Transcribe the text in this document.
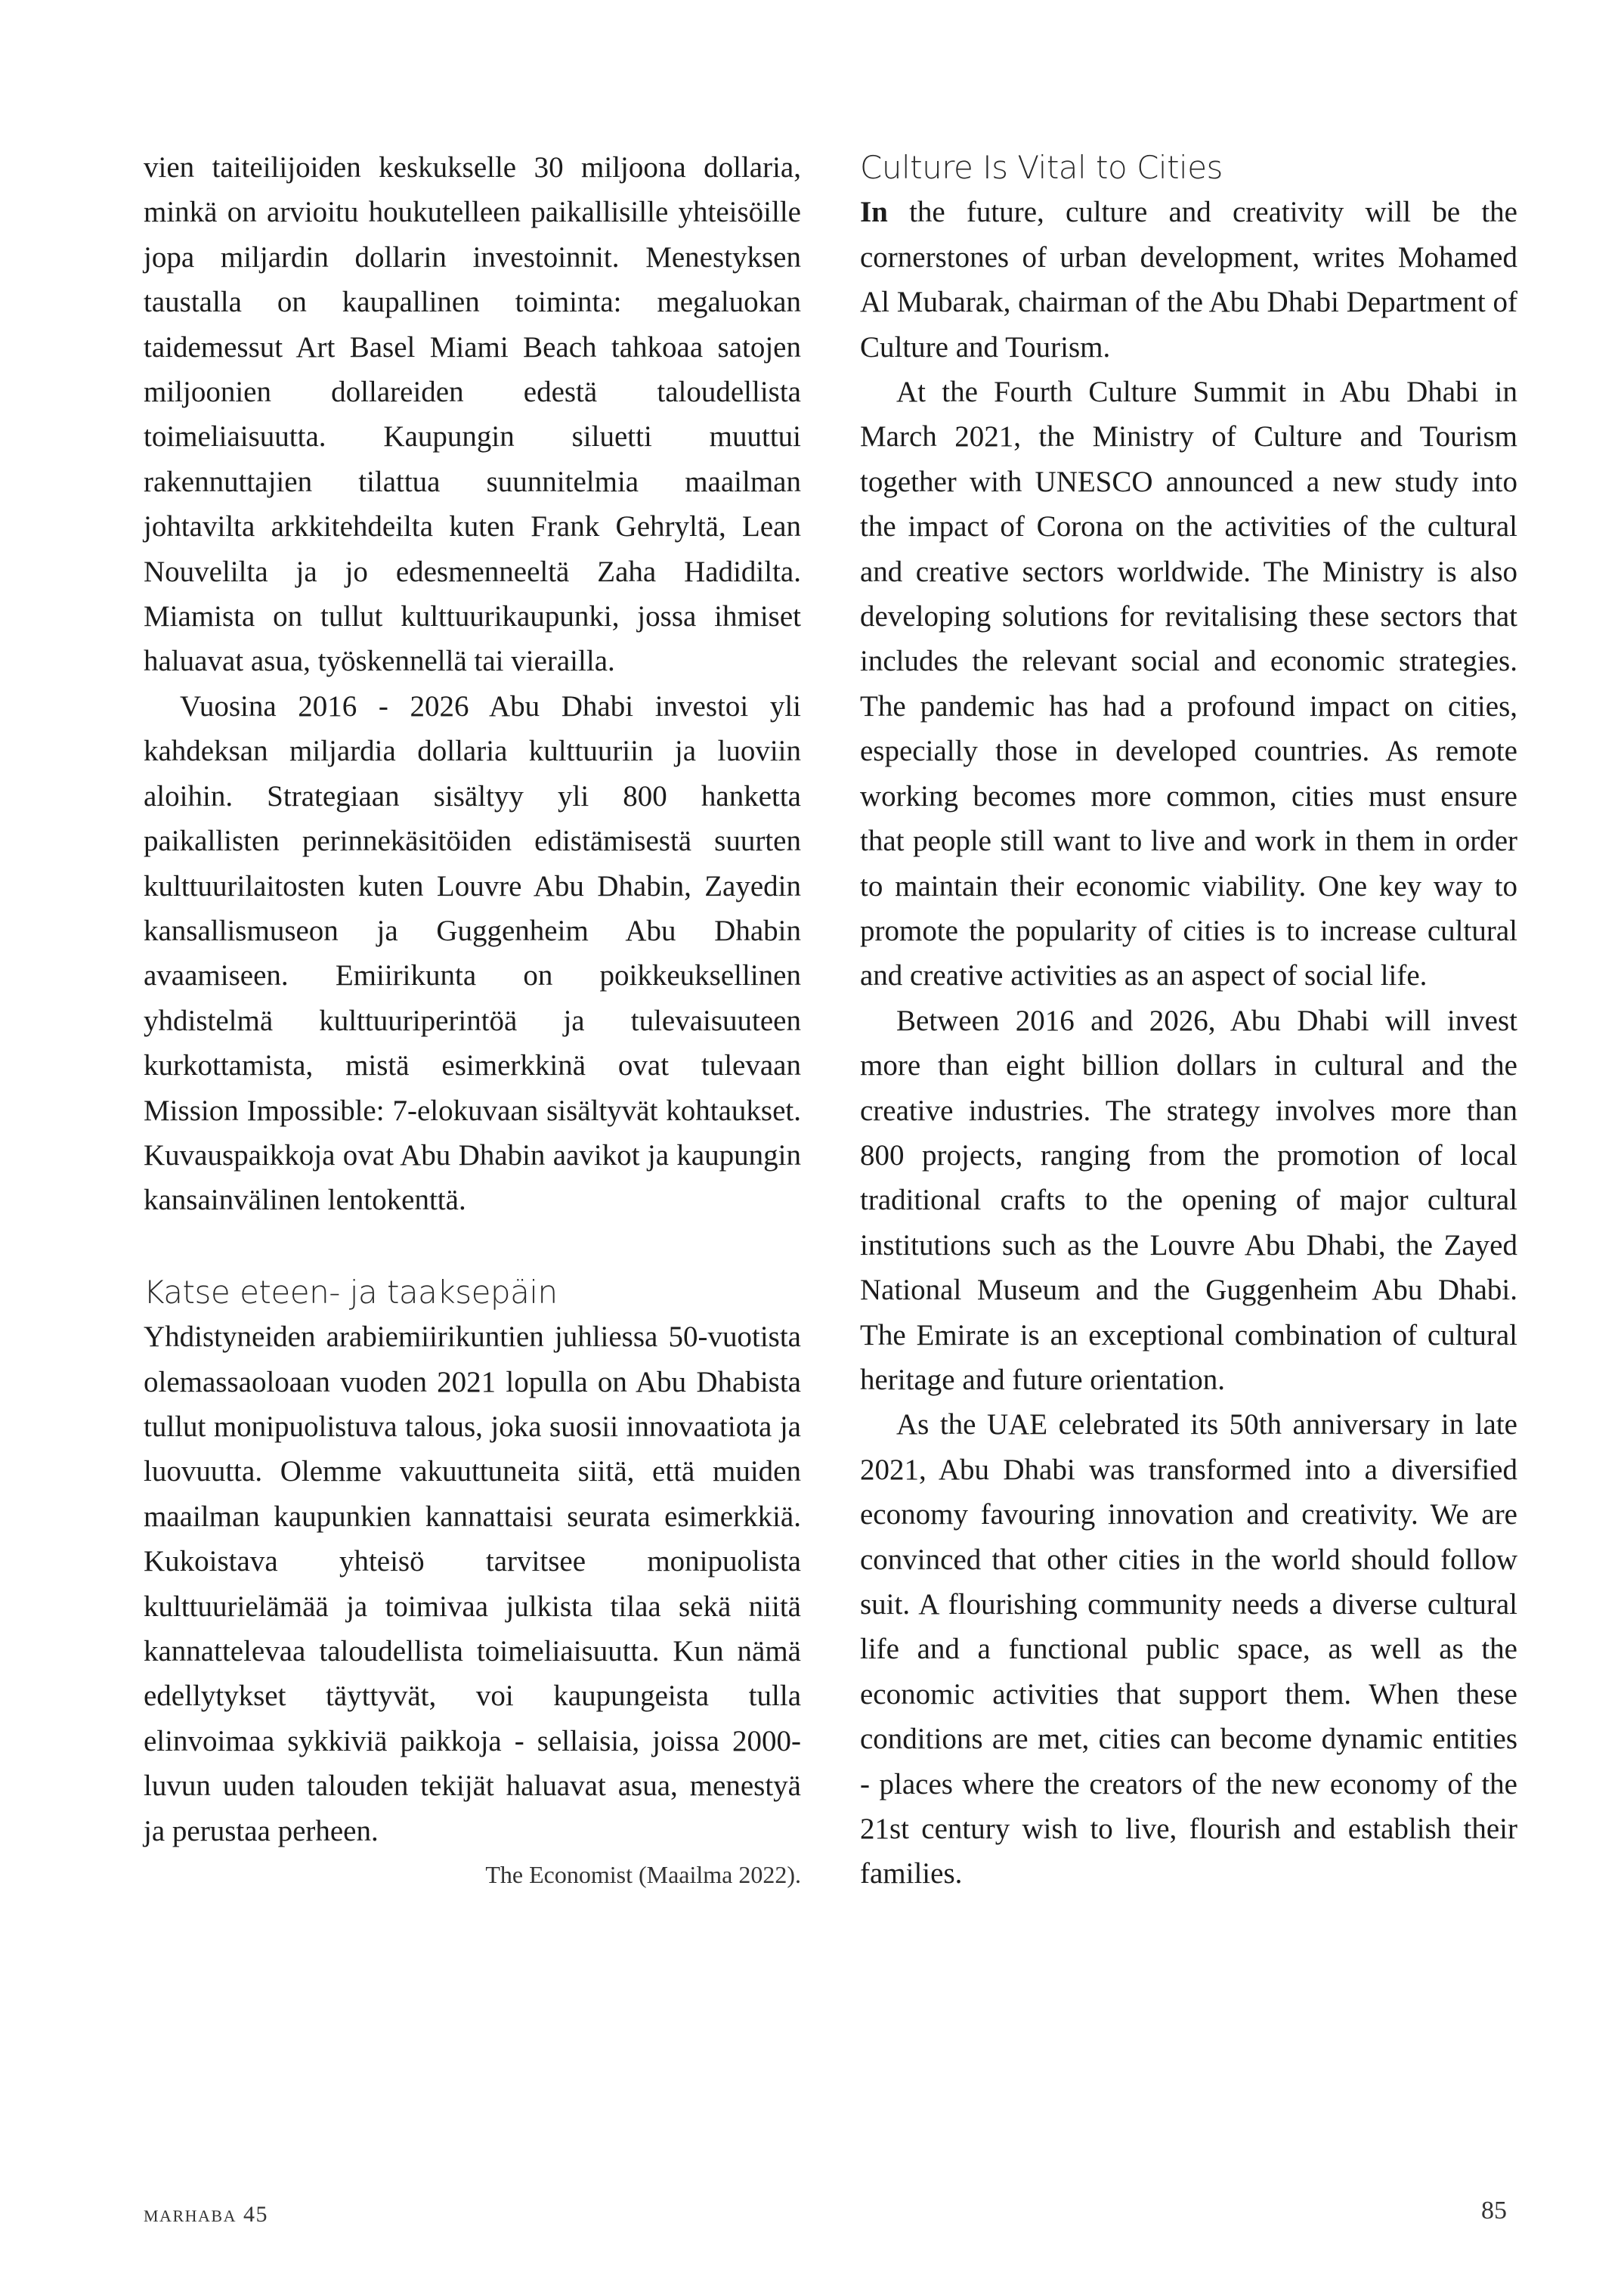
vien taiteilijoiden keskukselle 30 miljoona dollaria, minkä on arvioitu houkutelleen paikallisille yhteisöille jopa miljardin dollarin investoinnit. Menestyksen taustalla on kaupallinen toiminta: megaluokan taidemessut Art Basel Miami Beach tahkoaa satojen miljoonien dollareiden edestä taloudellista toimeliaisuutta. Kaupungin siluetti muuttui rakennuttajien tilattua suunnitelmia maailman johtavilta arkkitehdeilta kuten Frank Gehryltä, Lean Nouvelilta ja jo edesmenneeltä Zaha Hadidilta. Miamista on tullut kulttuurikaupunki, jossa ihmiset haluavat asua, työskennellä tai vierailla.

Vuosina 2016 - 2026 Abu Dhabi investoi yli kahdeksan miljardia dollaria kulttuuriin ja luoviin aloihin. Strategiaan sisältyy yli 800 hanketta paikallisten perinnekäsitöiden edistämisestä suurten kulttuurilaitosten kuten Louvre Abu Dhabin, Zayedin kansallismuseon ja Guggenheim Abu Dhabin avaamiseen. Emiirikunta on poikkeuksellinen yhdistelmä kulttuuriperintöä ja tulevaisuuteen kurkottamista, mistä esimerkkinä ovat tulevaan Mission Impossible: 7-elokuvaan sisältyvät kohtaukset. Kuvauspaikkoja ovat Abu Dhabin aavikot ja kaupungin kansainvälinen lentokenttä.

Katse eteen- ja taaksepäin

Yhdistyneiden arabiemiirikuntien juhliessa 50-vuotista olemassaoloaan vuoden 2021 lopulla on Abu Dhabista tullut monipuolistuva talous, joka suosii innovaatiota ja luovuutta. Olemme vakuuttuneita siitä, että muiden maailman kaupunkien kannattaisi seurata esimerkkiä. Kukoistava yhteisö tarvitsee monipuolista kulttuurielämää ja toimivaa julkista tilaa sekä niitä kannattelevaa taloudellista toimeliaisuutta. Kun nämä edellytykset täyttyvät, voi kaupungeista tulla elinvoimaa sykkiviä paikkoja - sellaisia, joissa 2000-luvun uuden talouden tekijät haluavat asua, menestyä ja perustaa perheen.

The Economist (Maailma 2022).

Culture Is Vital to Cities

In the future, culture and creativity will be the cornerstones of urban development, writes Mohamed Al Mubarak, chairman of the Abu Dhabi Department of Culture and Tourism.

At the Fourth Culture Summit in Abu Dhabi in March 2021, the Ministry of Culture and Tourism together with UNESCO announced a new study into the impact of Corona on the activities of the cultural and creative sectors worldwide. The Ministry is also developing solutions for revitalising these sectors that includes the relevant social and economic strategies. The pandemic has had a profound impact on cities, especially those in developed countries. As remote working becomes more common, cities must ensure that people still want to live and work in them in order to maintain their economic viability. One key way to promote the popularity of cities is to increase cultural and creative activities as an aspect of social life.

Between 2016 and 2026, Abu Dhabi will invest more than eight billion dollars in cultural and the creative industries. The strategy involves more than 800 projects, ranging from the promotion of local traditional crafts to the opening of major cultural institutions such as the Louvre Abu Dhabi, the Zayed National Museum and the Guggenheim Abu Dhabi. The Emirate is an exceptional combination of cultural heritage and future orientation.

As the UAE celebrated its 50th anniversary in late 2021, Abu Dhabi was transformed into a diversified economy favouring innovation and creativity. We are convinced that other cities in the world should follow suit. A flourishing community needs a diverse cultural life and a functional public space, as well as the economic activities that support them. When these conditions are met, cities can become dynamic entities - places where the creators of the new economy of the 21st century wish to live, flourish and establish their families.

marhaba 45	85
